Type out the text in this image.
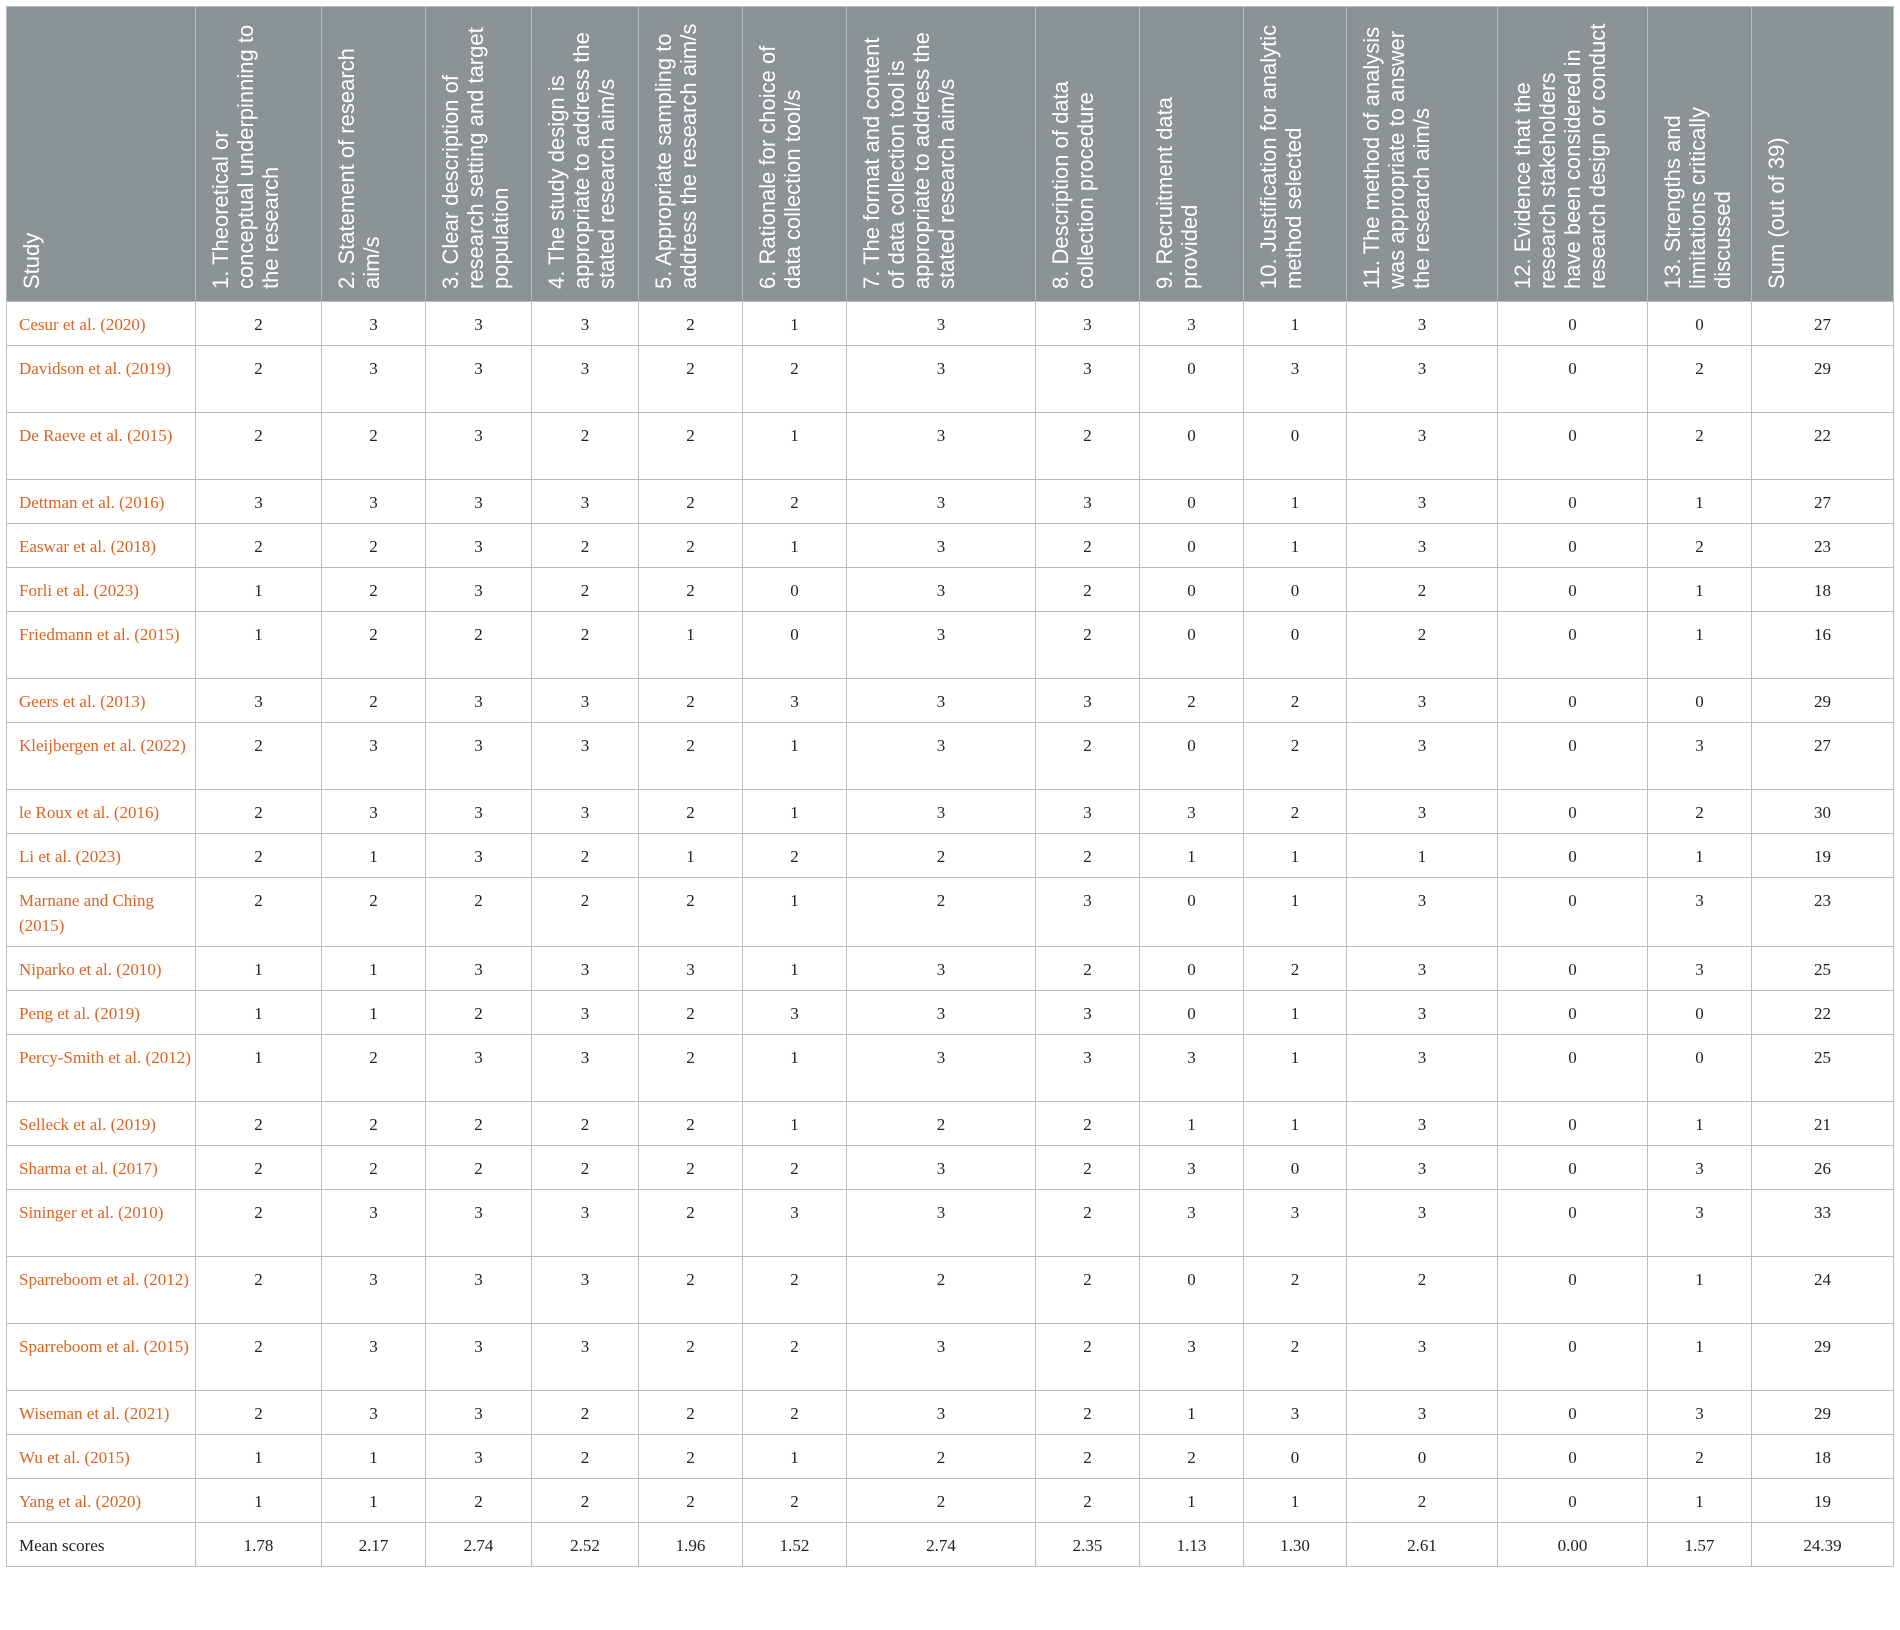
Study	1. Theoretical or conceptual underpinning to the research	2. Statement of research aim/s	3. Clear description of research setting and target population	4. The study design is appropriate to address the stated research aim/s	5. Appropriate sampling to address the research aim/s	6. Rationale for choice of data collection tool/s	7. The format and content of data collection tool is appropriate to address the stated research aim/s	8. Description of data collection procedure	9. Recruitment data provided	10. Justification for analytic method selected	11. The method of analysis was appropriate to answer the research aim/s	12. Evidence that the research stakeholders have been considered in research design or conduct	13. Strengths and limitations critically discussed	Sum (out of 39)

Cesur et al. (2020)	2	3	3	3	2	1	3	3	3	1	3	0	0	27
Davidson et al. (2019)	2	3	3	3	2	2	3	3	0	3	3	0	2	29
De Raeve et al. (2015)	2	2	3	2	2	1	3	2	0	0	3	0	2	22
Dettman et al. (2016)	3	3	3	3	2	2	3	3	0	1	3	0	1	27
Easwar et al. (2018)	2	2	3	2	2	1	3	2	0	1	3	0	2	23
Forli et al. (2023)	1	2	3	2	2	0	3	2	0	0	2	0	1	18
Friedmann et al. (2015)	1	2	2	2	1	0	3	2	0	0	2	0	1	16
Geers et al. (2013)	3	2	3	3	2	3	3	3	2	2	3	0	0	29
Kleijbergen et al. (2022)	2	3	3	3	2	1	3	2	0	2	3	0	3	27
le Roux et al. (2016)	2	3	3	3	2	1	3	3	3	2	3	0	2	30
Li et al. (2023)	2	1	3	2	1	2	2	2	1	1	1	0	1	19
Marnane and Ching (2015)	2	2	2	2	2	1	2	3	0	1	3	0	3	23
Niparko et al. (2010)	1	1	3	3	3	1	3	2	0	2	3	0	3	25
Peng et al. (2019)	1	1	2	3	2	3	3	3	0	1	3	0	0	22
Percy-Smith et al. (2012)	1	2	3	3	2	1	3	3	3	1	3	0	0	25
Selleck et al. (2019)	2	2	2	2	2	1	2	2	1	1	3	0	1	21
Sharma et al. (2017)	2	2	2	2	2	2	3	2	3	0	3	0	3	26
Sininger et al. (2010)	2	3	3	3	2	3	3	2	3	3	3	0	3	33
Sparreboom et al. (2012)	2	3	3	3	2	2	2	2	0	2	2	0	1	24
Sparreboom et al. (2015)	2	3	3	3	2	2	3	2	3	2	3	0	1	29
Wiseman et al. (2021)	2	3	3	2	2	2	3	2	1	3	3	0	3	29
Wu et al. (2015)	1	1	3	2	2	1	2	2	2	0	0	0	2	18
Yang et al. (2020)	1	1	2	2	2	2	2	2	1	1	2	0	1	19
Mean scores	1.78	2.17	2.74	2.52	1.96	1.52	2.74	2.35	1.13	1.30	2.61	0.00	1.57	24.39
